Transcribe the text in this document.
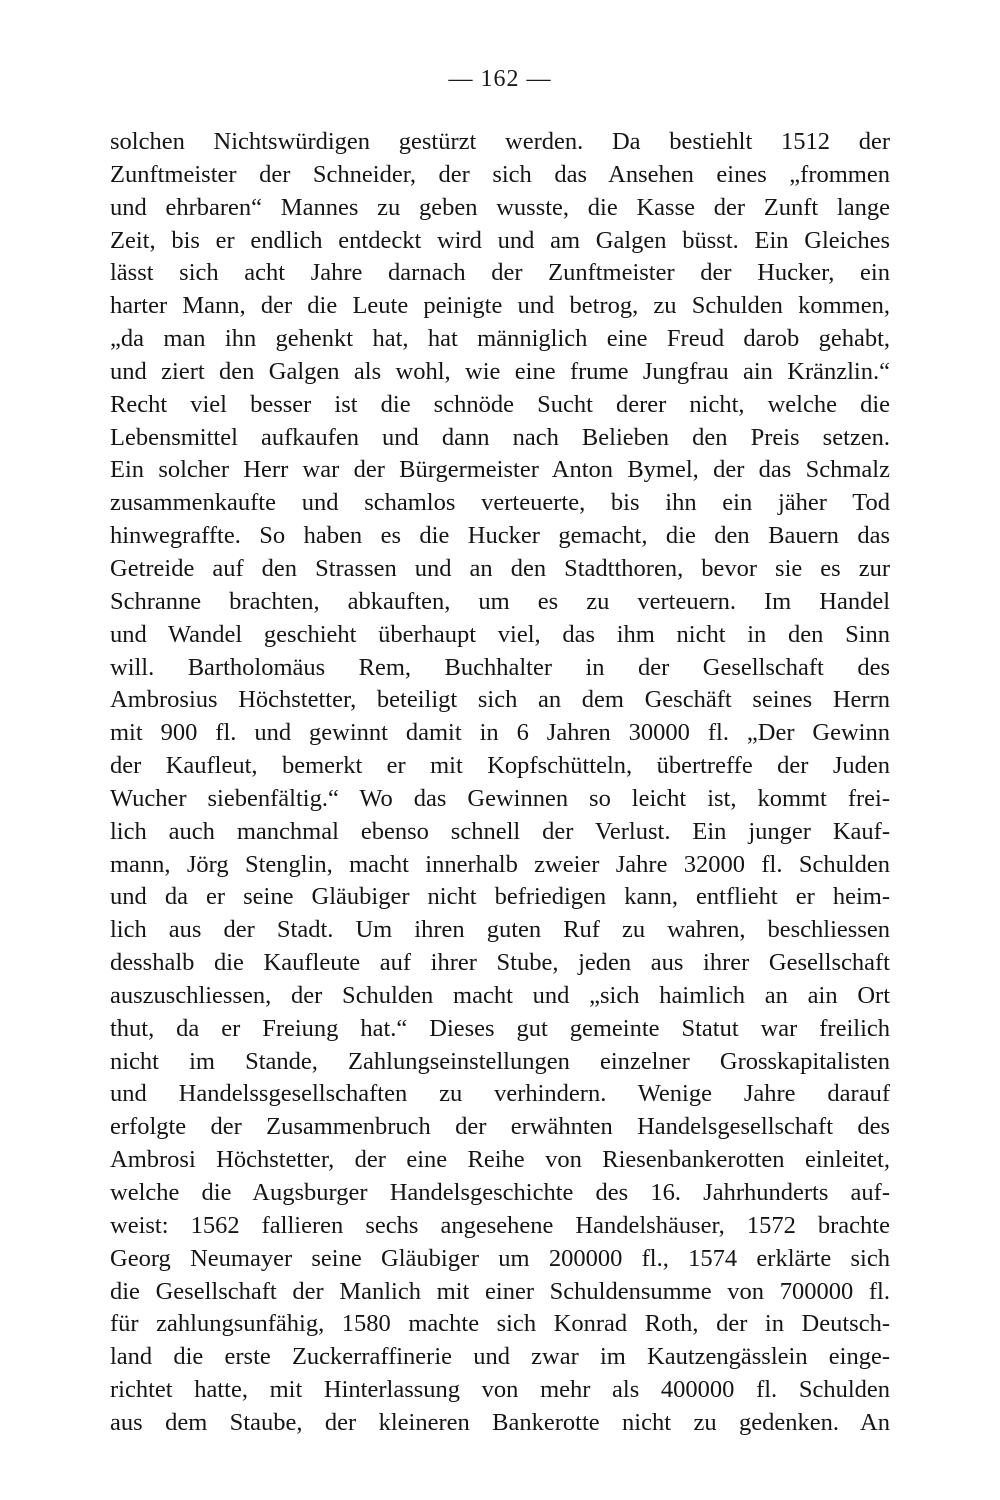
— 162 —
solchen Nichtswürdigen gestürzt werden. Da bestiehlt 1512 der
Zunftmeister der Schneider, der sich das Ansehen eines „frommen
und ehrbaren“ Mannes zu geben wusste, die Kasse der Zunft lange
Zeit, bis er endlich entdeckt wird und am Galgen büsst. Ein Gleiches
lässt sich acht Jahre darnach der Zunftmeister der Hucker, ein
harter Mann, der die Leute peinigte und betrog, zu Schulden kommen,
„da man ihn gehenkt hat, hat männiglich eine Freud darob gehabt,
und ziert den Galgen als wohl, wie eine frume Jungfrau ain Kränzlin.“
Recht viel besser ist die schnöde Sucht derer nicht, welche die
Lebensmittel aufkaufen und dann nach Belieben den Preis setzen.
Ein solcher Herr war der Bürgermeister Anton Bymel, der das Schmalz
zusammenkaufte und schamlos verteuerte, bis ihn ein jäher Tod
hinwegraffte. So haben es die Hucker gemacht, die den Bauern das
Getreide auf den Strassen und an den Stadtthoren, bevor sie es zur
Schranne brachten, abkauften, um es zu verteuern. Im Handel
und Wandel geschieht überhaupt viel, das ihm nicht in den Sinn
will. Bartholomäus Rem, Buchhalter in der Gesellschaft des
Ambrosius Höchstetter, beteiligt sich an dem Geschäft seines Herrn
mit 900 fl. und gewinnt damit in 6 Jahren 30000 fl. „Der Gewinn
der Kaufleut, bemerkt er mit Kopfschütteln, übertreffe der Juden
Wucher siebenfältig.“ Wo das Gewinnen so leicht ist, kommt frei-
lich auch manchmal ebenso schnell der Verlust. Ein junger Kauf-
mann, Jörg Stenglin, macht innerhalb zweier Jahre 32000 fl. Schulden
und da er seine Gläubiger nicht befriedigen kann, entflieht er heim-
lich aus der Stadt. Um ihren guten Ruf zu wahren, beschliessen
desshalb die Kaufleute auf ihrer Stube, jeden aus ihrer Gesellschaft
auszuschliessen, der Schulden macht und „sich haimlich an ain Ort
thut, da er Freiung hat.“ Dieses gut gemeinte Statut war freilich
nicht im Stande, Zahlungseinstellungen einzelner Grosskapitalisten
und Handelssgesellschaften zu verhindern. Wenige Jahre darauf
erfolgte der Zusammenbruch der erwähnten Handelsgesellschaft des
Ambrosi Höchstetter, der eine Reihe von Riesenbankerotten einleitet,
welche die Augsburger Handelsgeschichte des 16. Jahrhunderts auf-
weist: 1562 fallieren sechs angesehene Handelshäuser, 1572 brachte
Georg Neumayer seine Gläubiger um 200000 fl., 1574 erklärte sich
die Gesellschaft der Manlich mit einer Schuldensumme von 700000 fl.
für zahlungsunfähig, 1580 machte sich Konrad Roth, der in Deutsch-
land die erste Zuckerraffinerie und zwar im Kautzengässlein einge-
richtet hatte, mit Hinterlassung von mehr als 400000 fl. Schulden
aus dem Staube, der kleineren Bankerotte nicht zu gedenken. An
